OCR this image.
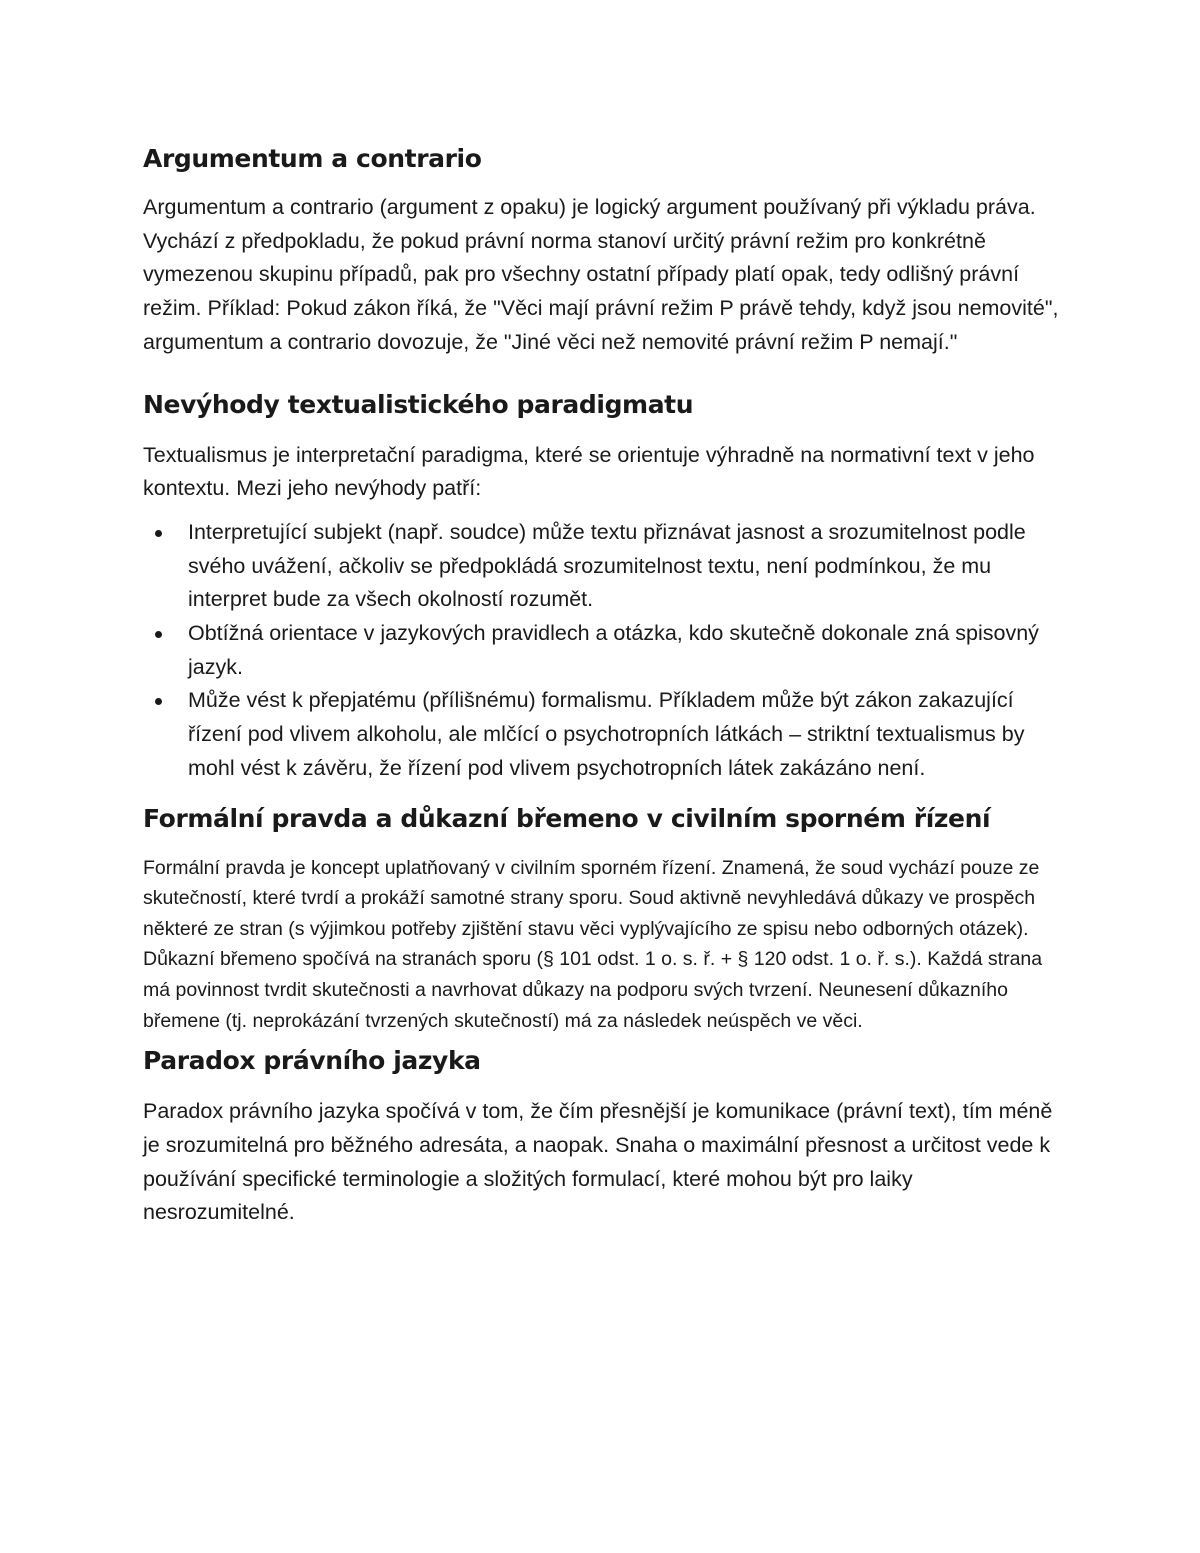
Argumentum a contrario

Argumentum a contrario (argument z opaku) je logický argument používaný při výkladu práva. Vychází z předpokladu, že pokud právní norma stanoví určitý právní režim pro konkrétně vymezenou skupinu případů, pak pro všechny ostatní případy platí opak, tedy odlišný právní režim. Příklad: Pokud zákon říká, že "Věci mají právní režim P právě tehdy, když jsou nemovité", argumentum a contrario dovozuje, že "Jiné věci než nemovité právní režim P nemají."

Nevýhody textualistického paradigmatu

Textualismus je interpretační paradigma, které se orientuje výhradně na normativní text v jeho kontextu. Mezi jeho nevýhody patří:

Interpretující subjekt (např. soudce) může textu přiznávat jasnost a srozumitelnost podle svého uvážení, ačkoliv se předpokládá srozumitelnost textu, není podmínkou, že mu interpret bude za všech okolností rozumět.
Obtížná orientace v jazykových pravidlech a otázka, kdo skutečně dokonale zná spisovný jazyk.
Může vést k přepjatému (přílišnému) formalismu. Příkladem může být zákon zakazující řízení pod vlivem alkoholu, ale mlčící o psychotropních látkách – striktní textualismus by mohl vést k závěru, že řízení pod vlivem psychotropních látek zakázáno není.
Formální pravda a důkazní břemeno v civilním sporném řízení

Formální pravda je koncept uplatňovaný v civilním sporném řízení. Znamená, že soud vychází pouze ze skutečností, které tvrdí a prokáží samotné strany sporu. Soud aktivně nevyhledává důkazy ve prospěch některé ze stran (s výjimkou potřeby zjištění stavu věci vyplývajícího ze spisu nebo odborných otázek).

Důkazní břemeno spočívá na stranách sporu (§ 101 odst. 1 o. s. ř. + § 120 odst. 1 o. ř. s.). Každá strana má povinnost tvrdit skutečnosti a navrhovat důkazy na podporu svých tvrzení. Neunesení důkazního břemene (tj. neprokázání tvrzených skutečností) má za následek neúspěch ve věci.

Paradox právního jazyka

Paradox právního jazyka spočívá v tom, že čím přesnější je komunikace (právní text), tím méně je srozumitelná pro běžného adresáta, a naopak. Snaha o maximální přesnost a určitost vede k používání specifické terminologie a složitých formulací, které mohou být pro laiky nesrozumitelné.
